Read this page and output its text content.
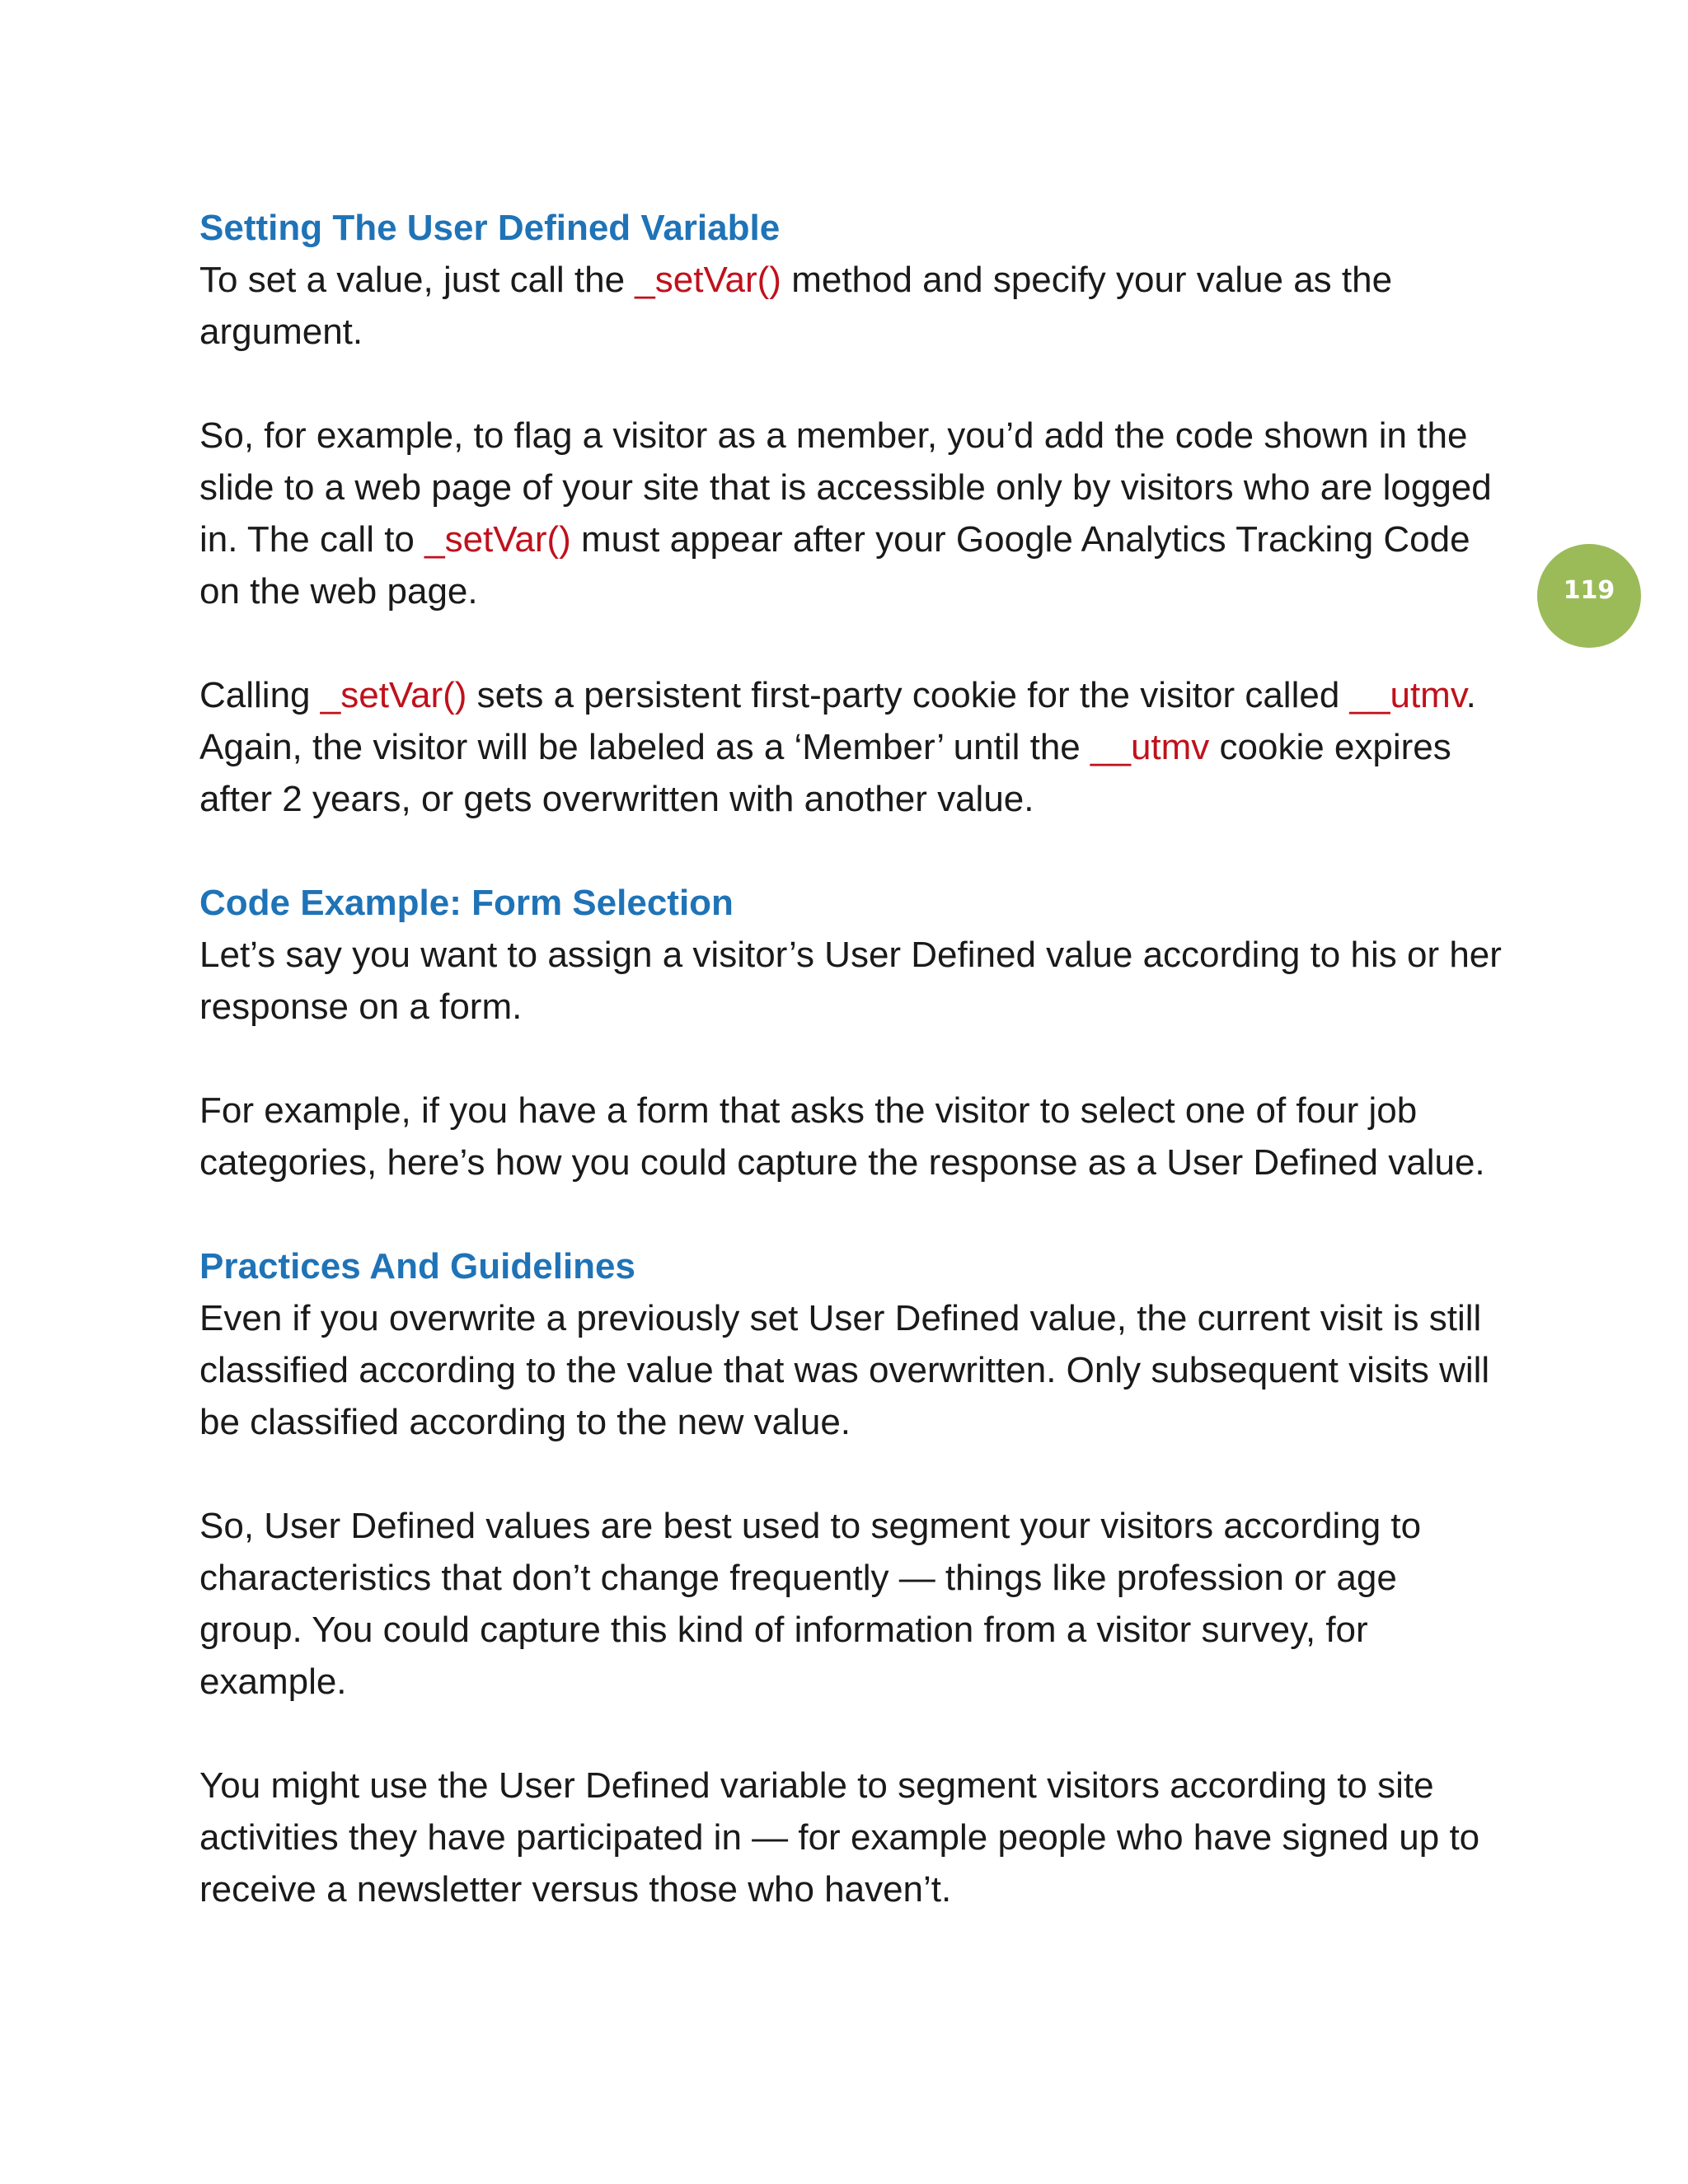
Setting The User Defined Variable

To set a value, just call the _setVar() method and specify your value as the argument.

So, for example, to flag a visitor as a member, you’d add the code shown in the slide to a web page of your site that is accessible only by visitors who are logged in. The call to _setVar() must appear after your Google Analytics Tracking Code on the web page.

Calling _setVar() sets a persistent first-party cookie for the visitor called __utmv. Again, the visitor will be labeled as a ‘Member’ until the __utmv cookie expires after 2 years, or gets overwritten with another value.

Code Example: Form Selection

Let’s say you want to assign a visitor’s User Defined value according to his or her response on a form.

For example, if you have a form that asks the visitor to select one of four job categories, here’s how you could capture the response as a User Defined value.

Practices And Guidelines

Even if you overwrite a previously set User Defined value, the current visit is still classified according to the value that was overwritten. Only subsequent visits will be classified according to the new value.

So, User Defined values are best used to segment your visitors according to characteristics that don’t change frequently — things like profession or age group. You could capture this kind of information from a visitor survey, for example.

You might use the User Defined variable to segment visitors according to site activities they have participated in — for example people who have signed up to receive a newsletter versus those who haven’t.

119
